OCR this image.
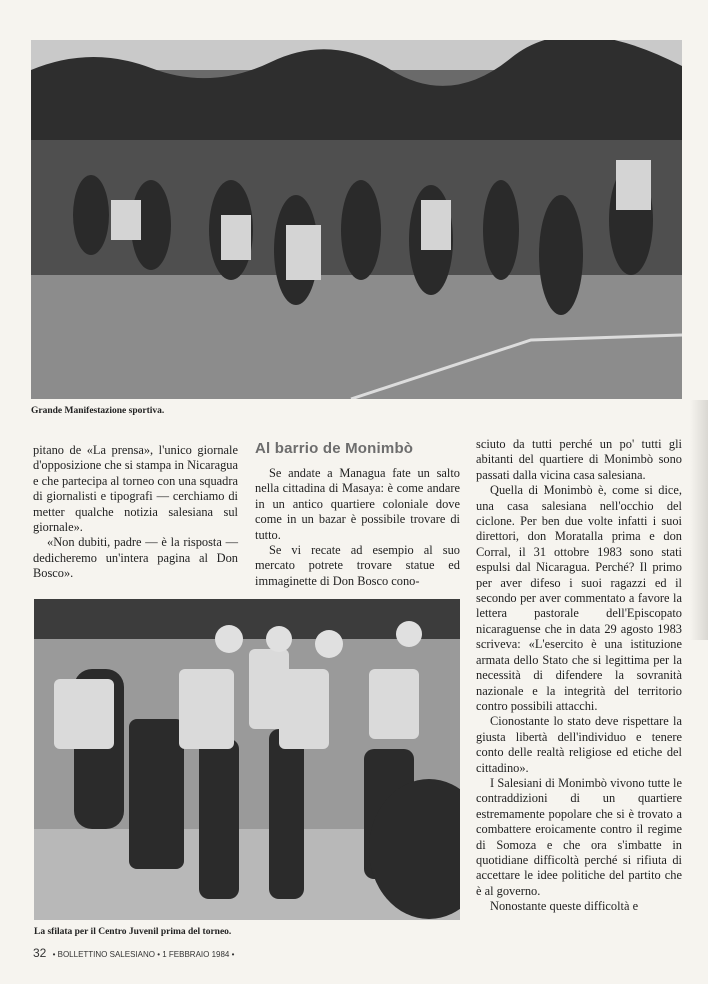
Grande Manifestazione sportiva.

pitano de «La prensa», l'unico giornale d'opposizione che si stampa in Nicaragua e che partecipa al torneo con una squadra di giornalisti e tipografi — cerchiamo di metter qualche notizia salesiana sul giornale».

«Non dubiti, padre — è la risposta — dedicheremo un'intera pagina al Don Bosco».

Al barrio de Monimbò

Se andate a Managua fate un salto nella cittadina di Masaya: è come andare in un antico quartiere coloniale dove come in un bazar è possibile trovare di tutto.

Se vi recate ad esempio al suo mercato potrete trovare statue ed immaginette di Don Bosco cono-

sciuto da tutti perché un po' tutti gli abitanti del quartiere di Monimbò sono passati dalla vicina casa salesiana.

Quella di Monimbò è, come si dice, una casa salesiana nell'occhio del ciclone. Per ben due volte infatti i suoi direttori, don Moratalla prima e don Corral, il 31 ottobre 1983 sono stati espulsi dal Nicaragua. Perché? Il primo per aver difeso i suoi ragazzi ed il secondo per aver commentato a favore la lettera pastorale dell'Episcopato nicaraguense che in data 29 agosto 1983 scriveva: «L'esercito è una istituzione armata dello Stato che si legittima per la necessità di difendere la sovranità nazionale e la integrità del territorio contro possibili attacchi.

Cionostante lo stato deve rispettare la giusta libertà dell'individuo e tenere conto delle realtà religiose ed etiche del cittadino».

I Salesiani di Monimbò vivono tutte le contraddizioni di un quartiere estremamente popolare che si è trovato a combattere eroicamente contro il regime di Somoza e che ora s'imbatte in quotidiane difficoltà perché si rifiuta di accettare le idee politiche del partito che è al governo.

Nonostante queste difficoltà e

La sfilata per il Centro Juvenil prima del torneo.
32 • BOLLETTINO SALESIANO • 1 FEBBRAIO 1984 •
